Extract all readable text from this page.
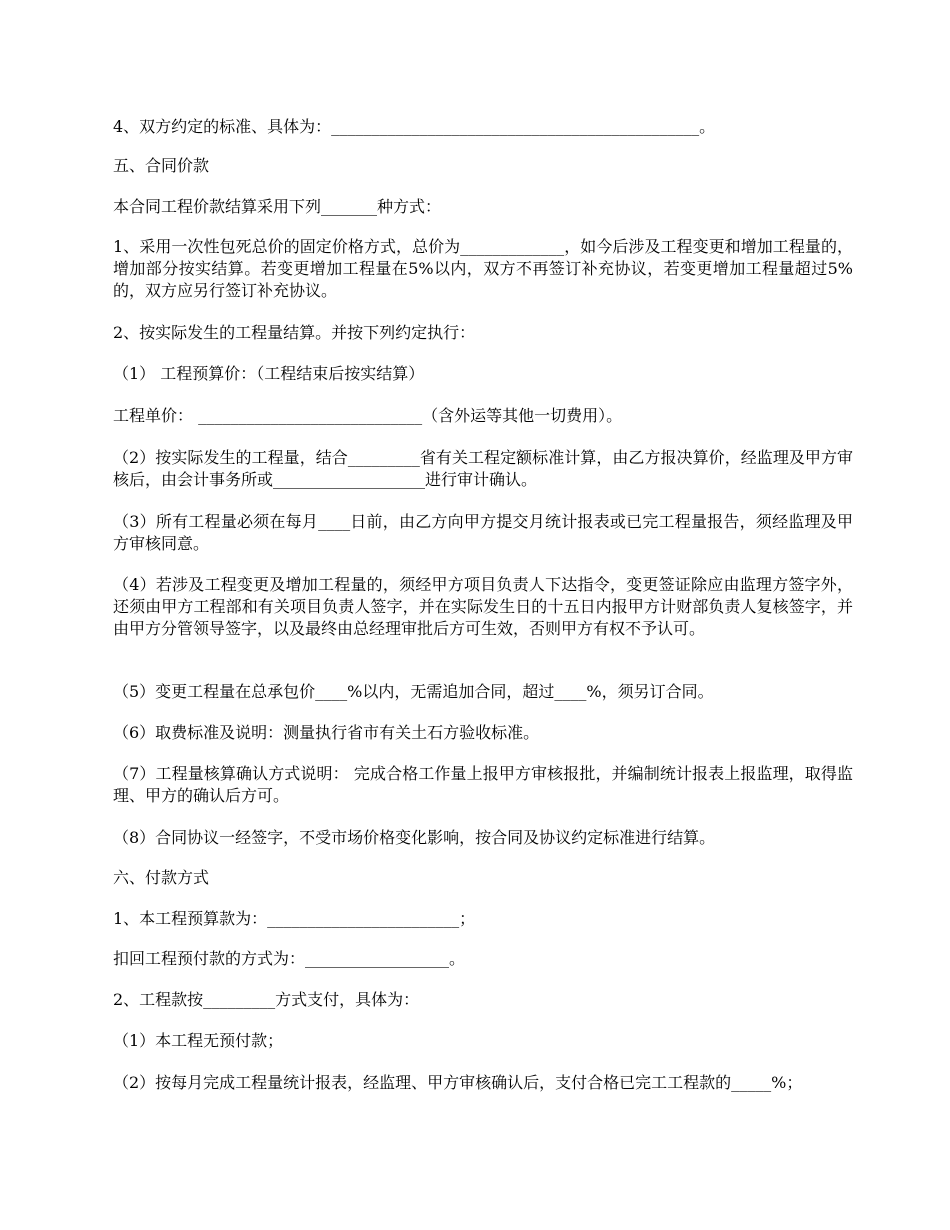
4、双方约定的标准、具体为：______________________________________________。

五、合同价款

本合同工程价款结算采用下列_______种方式：

1、采用一次性包死总价的固定价格方式，总价为_____________，如今后涉及工程变更和增加工程量的，增加部分按实结算。若变更增加工程量在5%以内，双方不再签订补充协议，若变更增加工程量超过5%的，双方应另行签订补充协议。

2、按实际发生的工程量结算。并按下列约定执行：

（1） 工程预算价：（工程结束后按实结算）

工程单价： ____________________________（含外运等其他一切费用）。

（2）按实际发生的工程量，结合_________省有关工程定额标准计算，由乙方报决算价，经监理及甲方审核后，由会计事务所或___________________进行审计确认。

（3）所有工程量必须在每月____日前，由乙方向甲方提交月统计报表或已完工程量报告，须经监理及甲方审核同意。

（4）若涉及工程变更及增加工程量的，须经甲方项目负责人下达指令，变更签证除应由监理方签字外，还须由甲方工程部和有关项目负责人签字，并在实际发生日的十五日内报甲方计财部负责人复核签字，并由甲方分管领导签字，以及最终由总经理审批后方可生效，否则甲方有权不予认可。

（5）变更工程量在总承包价____%以内，无需追加合同，超过____%，须另订合同。

（6）取费标准及说明：测量执行省市有关土石方验收标准。

（7）工程量核算确认方式说明： 完成合格工作量上报甲方审核报批，并编制统计报表上报监理，取得监理、甲方的确认后方可。

（8）合同协议一经签字，不受市场价格变化影响，按合同及协议约定标准进行结算。

六、付款方式

1、本工程预算款为：________________________；

扣回工程预付款的方式为：__________________。

2、工程款按_________方式支付，具体为：

（1）本工程无预付款；

（2）按每月完成工程量统计报表，经监理、甲方审核确认后，支付合格已完工工程款的_____%；
